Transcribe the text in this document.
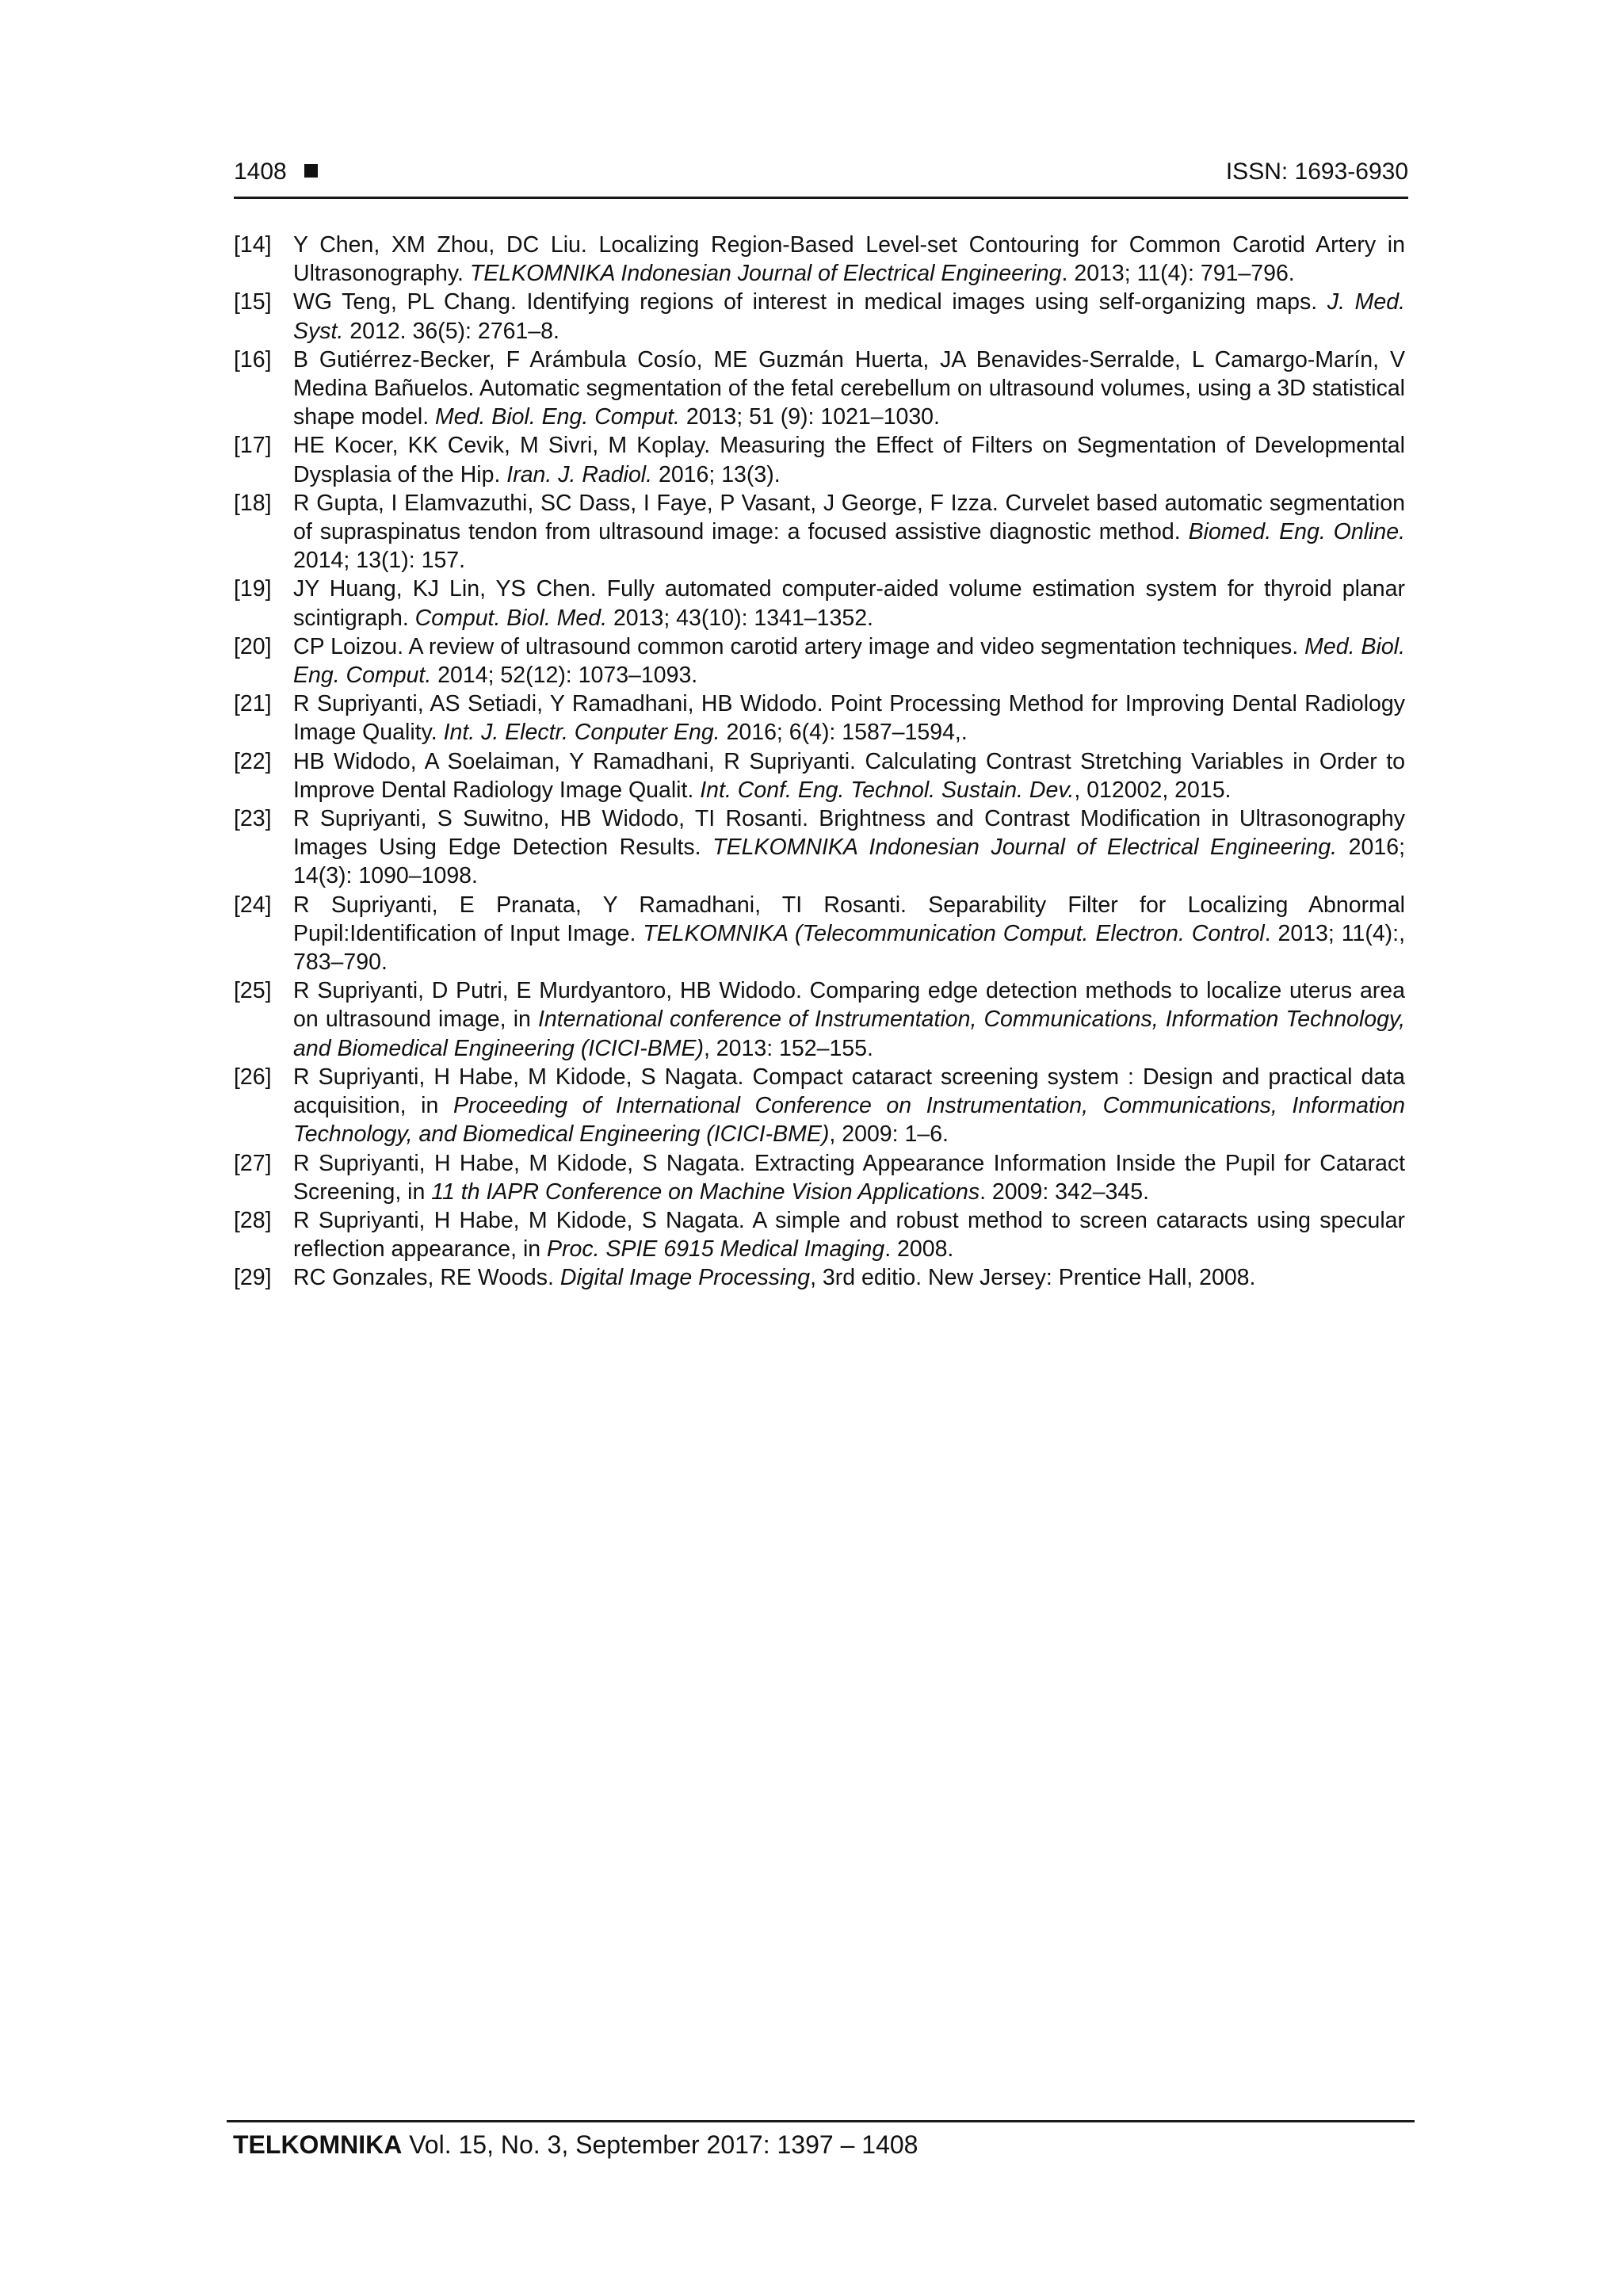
1408	ISSN: 1693-6930
[14] Y Chen, XM Zhou, DC Liu. Localizing Region-Based Level-set Contouring for Common Carotid Artery in Ultrasonography. TELKOMNIKA Indonesian Journal of Electrical Engineering. 2013; 11(4): 791–796.
[15] WG Teng, PL Chang. Identifying regions of interest in medical images using self-organizing maps. J. Med. Syst. 2012. 36(5): 2761–8.
[16] B Gutiérrez-Becker, F Arámbula Cosío, ME Guzmán Huerta, JA Benavides-Serralde, L Camargo-Marín, V Medina Bañuelos. Automatic segmentation of the fetal cerebellum on ultrasound volumes, using a 3D statistical shape model. Med. Biol. Eng. Comput. 2013; 51 (9): 1021–1030.
[17] HE Kocer, KK Cevik, M Sivri, M Koplay. Measuring the Effect of Filters on Segmentation of Developmental Dysplasia of the Hip. Iran. J. Radiol. 2016; 13(3).
[18] R Gupta, I Elamvazuthi, SC Dass, I Faye, P Vasant, J George, F Izza. Curvelet based automatic segmentation of supraspinatus tendon from ultrasound image: a focused assistive diagnostic method. Biomed. Eng. Online. 2014; 13(1): 157.
[19] JY Huang, KJ Lin, YS Chen. Fully automated computer-aided volume estimation system for thyroid planar scintigraph. Comput. Biol. Med. 2013; 43(10): 1341–1352.
[20] CP Loizou. A review of ultrasound common carotid artery image and video segmentation techniques. Med. Biol. Eng. Comput. 2014; 52(12): 1073–1093.
[21] R Supriyanti, AS Setiadi, Y Ramadhani, HB Widodo. Point Processing Method for Improving Dental Radiology Image Quality. Int. J. Electr. Conputer Eng. 2016; 6(4): 1587–1594,.
[22] HB Widodo, A Soelaiman, Y Ramadhani, R Supriyanti. Calculating Contrast Stretching Variables in Order to Improve Dental Radiology Image Qualit. Int. Conf. Eng. Technol. Sustain. Dev., 012002, 2015.
[23] R Supriyanti, S Suwitno, HB Widodo, TI Rosanti. Brightness and Contrast Modification in Ultrasonography Images Using Edge Detection Results. TELKOMNIKA Indonesian Journal of Electrical Engineering. 2016; 14(3): 1090–1098.
[24] R Supriyanti, E Pranata, Y Ramadhani, TI Rosanti. Separability Filter for Localizing Abnormal Pupil:Identification of Input Image. TELKOMNIKA (Telecommunication Comput. Electron. Control. 2013; 11(4):, 783–790.
[25] R Supriyanti, D Putri, E Murdyantoro, HB Widodo. Comparing edge detection methods to localize uterus area on ultrasound image, in International conference of Instrumentation, Communications, Information Technology, and Biomedical Engineering (ICICI-BME), 2013: 152–155.
[26] R Supriyanti, H Habe, M Kidode, S Nagata. Compact cataract screening system : Design and practical data acquisition, in Proceeding of International Conference on Instrumentation, Communications, Information Technology, and Biomedical Engineering (ICICI-BME), 2009: 1–6.
[27] R Supriyanti, H Habe, M Kidode, S Nagata. Extracting Appearance Information Inside the Pupil for Cataract Screening, in 11 th IAPR Conference on Machine Vision Applications. 2009: 342–345.
[28] R Supriyanti, H Habe, M Kidode, S Nagata. A simple and robust method to screen cataracts using specular reflection appearance, in Proc. SPIE 6915 Medical Imaging. 2008.
[29] RC Gonzales, RE Woods. Digital Image Processing, 3rd editio. New Jersey: Prentice Hall, 2008.
TELKOMNIKA Vol. 15, No. 3, September 2017: 1397 – 1408
